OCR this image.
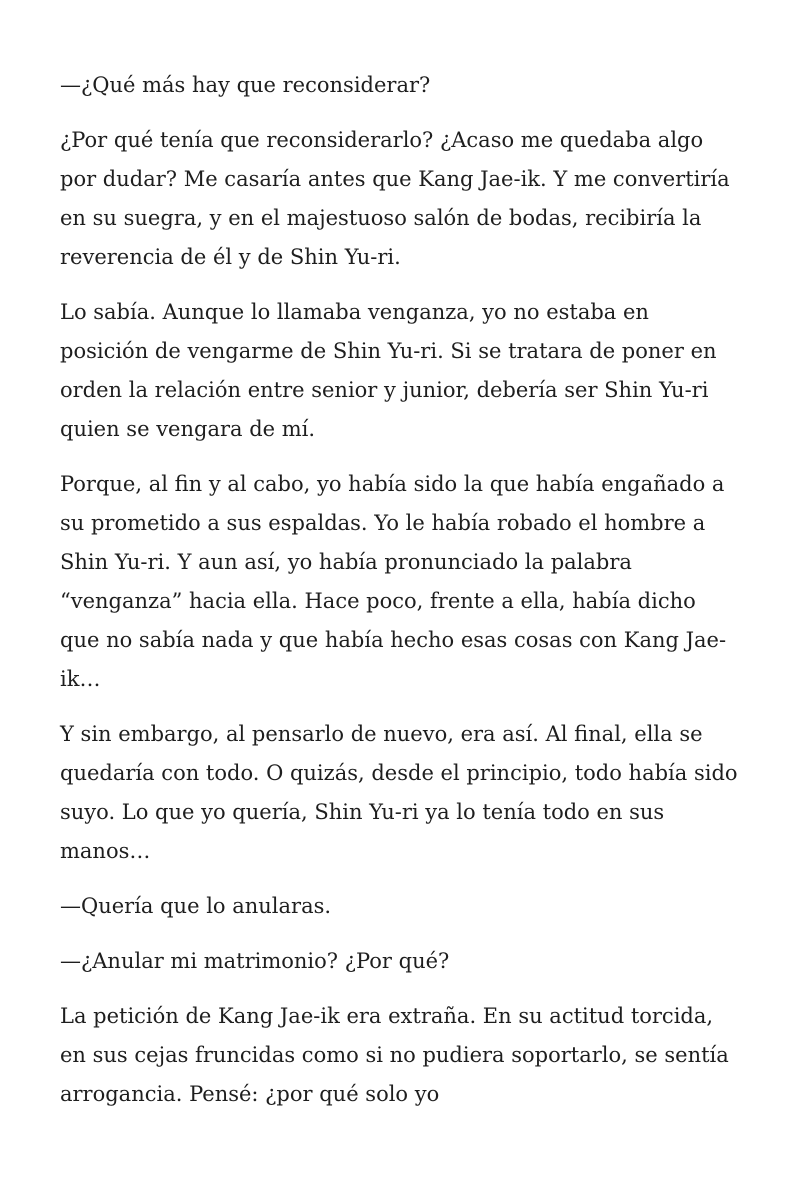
—¿Qué más hay que reconsiderar?

¿Por qué tenía que reconsiderarlo? ¿Acaso me quedaba algo por dudar? Me casaría antes que Kang Jae-ik. Y me convertiría en su suegra, y en el majestuoso salón de bodas, recibiría la reverencia de él y de Shin Yu-ri.

Lo sabía. Aunque lo llamaba venganza, yo no estaba en posición de vengarme de Shin Yu-ri. Si se tratara de poner en orden la relación entre senior y junior, debería ser Shin Yu-ri quien se vengara de mí.

Porque, al fin y al cabo, yo había sido la que había engañado a su prometido a sus espaldas. Yo le había robado el hombre a Shin Yu-ri. Y aun así, yo había pronunciado la palabra “venganza” hacia ella. Hace poco, frente a ella, había dicho que no sabía nada y que había hecho esas cosas con Kang Jae-ik…

Y sin embargo, al pensarlo de nuevo, era así. Al final, ella se quedaría con todo. O quizás, desde el principio, todo había sido suyo. Lo que yo quería, Shin Yu-ri ya lo tenía todo en sus manos…

—Quería que lo anularas.

—¿Anular mi matrimonio? ¿Por qué?

La petición de Kang Jae-ik era extraña. En su actitud torcida, en sus cejas fruncidas como si no pudiera soportarlo, se sentía arrogancia. Pensé: ¿por qué solo yo
